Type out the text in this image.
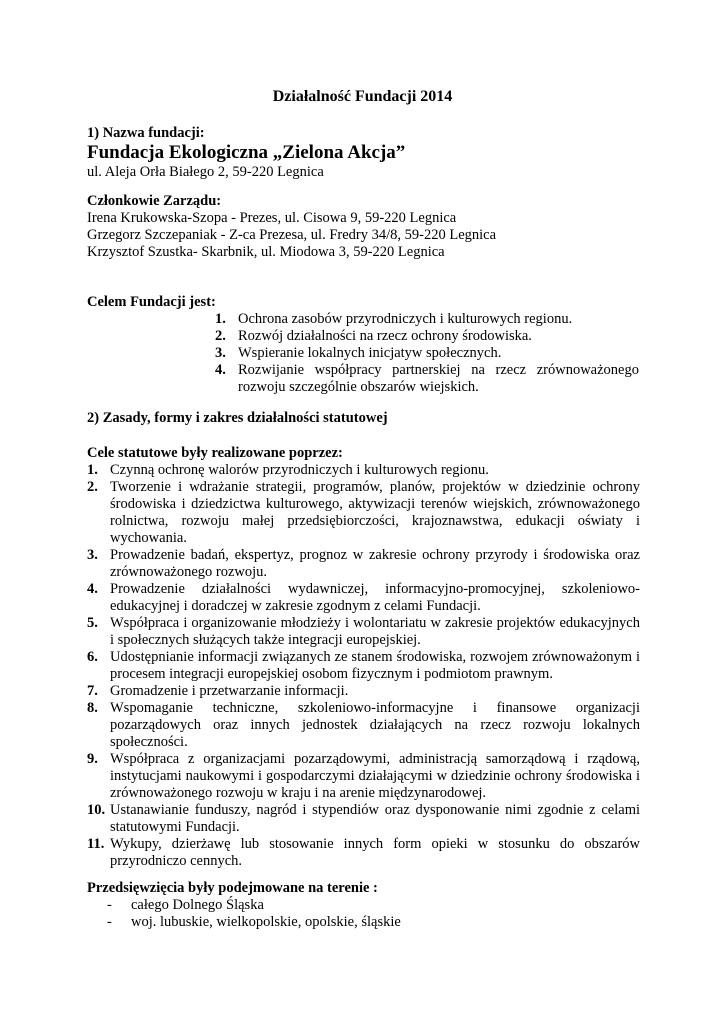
Działalność Fundacji 2014
1) Nazwa fundacji:
Fundacja Ekologiczna „Zielona Akcja”
ul. Aleja Orła Białego 2, 59-220 Legnica
Członkowie Zarządu:
Irena Krukowska-Szopa - Prezes, ul. Cisowa 9, 59-220 Legnica
Grzegorz Szczepaniak - Z-ca Prezesa, ul. Fredry 34/8, 59-220 Legnica
Krzysztof Szustka- Skarbnik, ul. Miodowa 3, 59-220 Legnica
Celem Fundacji jest:
1. Ochrona zasobów przyrodniczych i kulturowych regionu.
2. Rozwój działalności na rzecz ochrony środowiska.
3. Wspieranie lokalnych inicjatyw społecznych.
4. Rozwijanie współpracy partnerskiej na rzecz zrównoważonego rozwoju szczególnie obszarów wiejskich.
2) Zasady, formy i zakres działalności statutowej
Cele statutowe były realizowane poprzez:
1. Czynną ochronę walorów przyrodniczych i kulturowych regionu.
2. Tworzenie i wdrażanie strategii, programów, planów, projektów w dziedzinie ochrony środowiska i dziedzictwa kulturowego, aktywizacji terenów wiejskich, zrównoważonego rolnictwa, rozwoju małej przedsiębiorczości, krajoznawstwa, edukacji oświaty i wychowania.
3. Prowadzenie badań, ekspertyz, prognoz w zakresie ochrony przyrody i środowiska oraz zrównoważonego rozwoju.
4. Prowadzenie działalności wydawniczej, informacyjno-promocyjnej, szkoleniowo-edukacyjnej i doradczej w zakresie zgodnym z celami Fundacji.
5. Współpraca i organizowanie młodzieży i wolontariatu w zakresie projektów edukacyjnych i społecznych służących także integracji europejskiej.
6. Udostępnianie informacji związanych ze stanem środowiska, rozwojem zrównoważonym i procesem integracji europejskiej osobom fizycznym i podmiotom prawnym.
7. Gromadzenie i przetwarzanie informacji.
8. Wspomaganie techniczne, szkoleniowo-informacyjne i finansowe organizacji pozarządowych oraz innych jednostek działających na rzecz rozwoju lokalnych społeczności.
9. Współpraca z organizacjami pozarządowymi, administracją samorządową i rządową, instytucjami naukowymi i gospodarczymi działającymi w dziedzinie ochrony środowiska i zrównoważonego rozwoju w kraju i na arenie międzynarodowej.
10. Ustanawianie funduszy, nagród i stypendiów oraz dysponowanie nimi zgodnie z celami statutowymi Fundacji.
11. Wykupy, dzierżawę lub stosowanie innych form opieki w stosunku do obszarów przyrodniczo cennych.
Przedsięwzięcia były podejmowane na terenie :
- całego Dolnego Śląska
- woj. lubuskie, wielkopolskie, opolskie, śląskie
